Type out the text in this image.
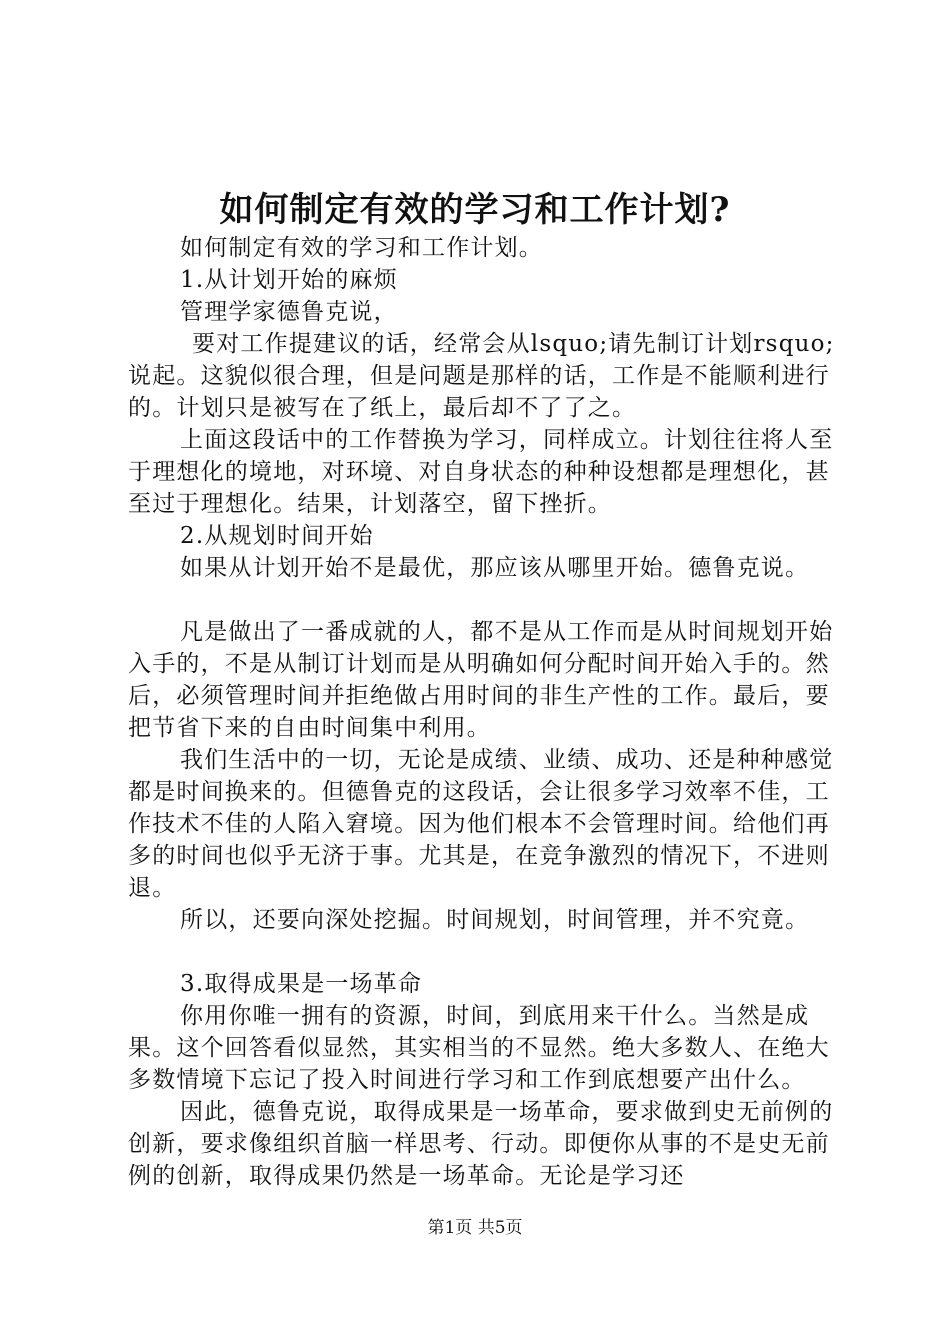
如何制定有效的学习和工作计划?

如何制定有效的学习和工作计划。

1.从计划开始的麻烦

管理学家德鲁克说，

要对工作提建议的话，经常会从lsquo;请先制订计划rsquo;说起。这貌似很合理，但是问题是那样的话，工作是不能顺利进行的。计划只是被写在了纸上，最后却不了了之。

上面这段话中的工作替换为学习，同样成立。计划往往将人至于理想化的境地，对环境、对自身状态的种种设想都是理想化，甚至过于理想化。结果，计划落空，留下挫折。

2.从规划时间开始

如果从计划开始不是最优，那应该从哪里开始。德鲁克说。

凡是做出了一番成就的人，都不是从工作而是从时间规划开始入手的，不是从制订计划而是从明确如何分配时间开始入手的。然后，必须管理时间并拒绝做占用时间的非生产性的工作。最后，要把节省下来的自由时间集中利用。

我们生活中的一切，无论是成绩、业绩、成功、还是种种感觉都是时间换来的。但德鲁克的这段话，会让很多学习效率不佳，工作技术不佳的人陷入窘境。因为他们根本不会管理时间。给他们再多的时间也似乎无济于事。尤其是，在竞争激烈的情况下，不进则退。

所以，还要向深处挖掘。时间规划，时间管理，并不究竟。

3.取得成果是一场革命

你用你唯一拥有的资源，时间，到底用来干什么。当然是成果。这个回答看似显然，其实相当的不显然。绝大多数人、在绝大多数情境下忘记了投入时间进行学习和工作到底想要产出什么。

因此，德鲁克说，取得成果是一场革命，要求做到史无前例的创新，要求像组织首脑一样思考、行动。即便你从事的不是史无前例的创新，取得成果仍然是一场革命。无论是学习还

第1页 共5页
